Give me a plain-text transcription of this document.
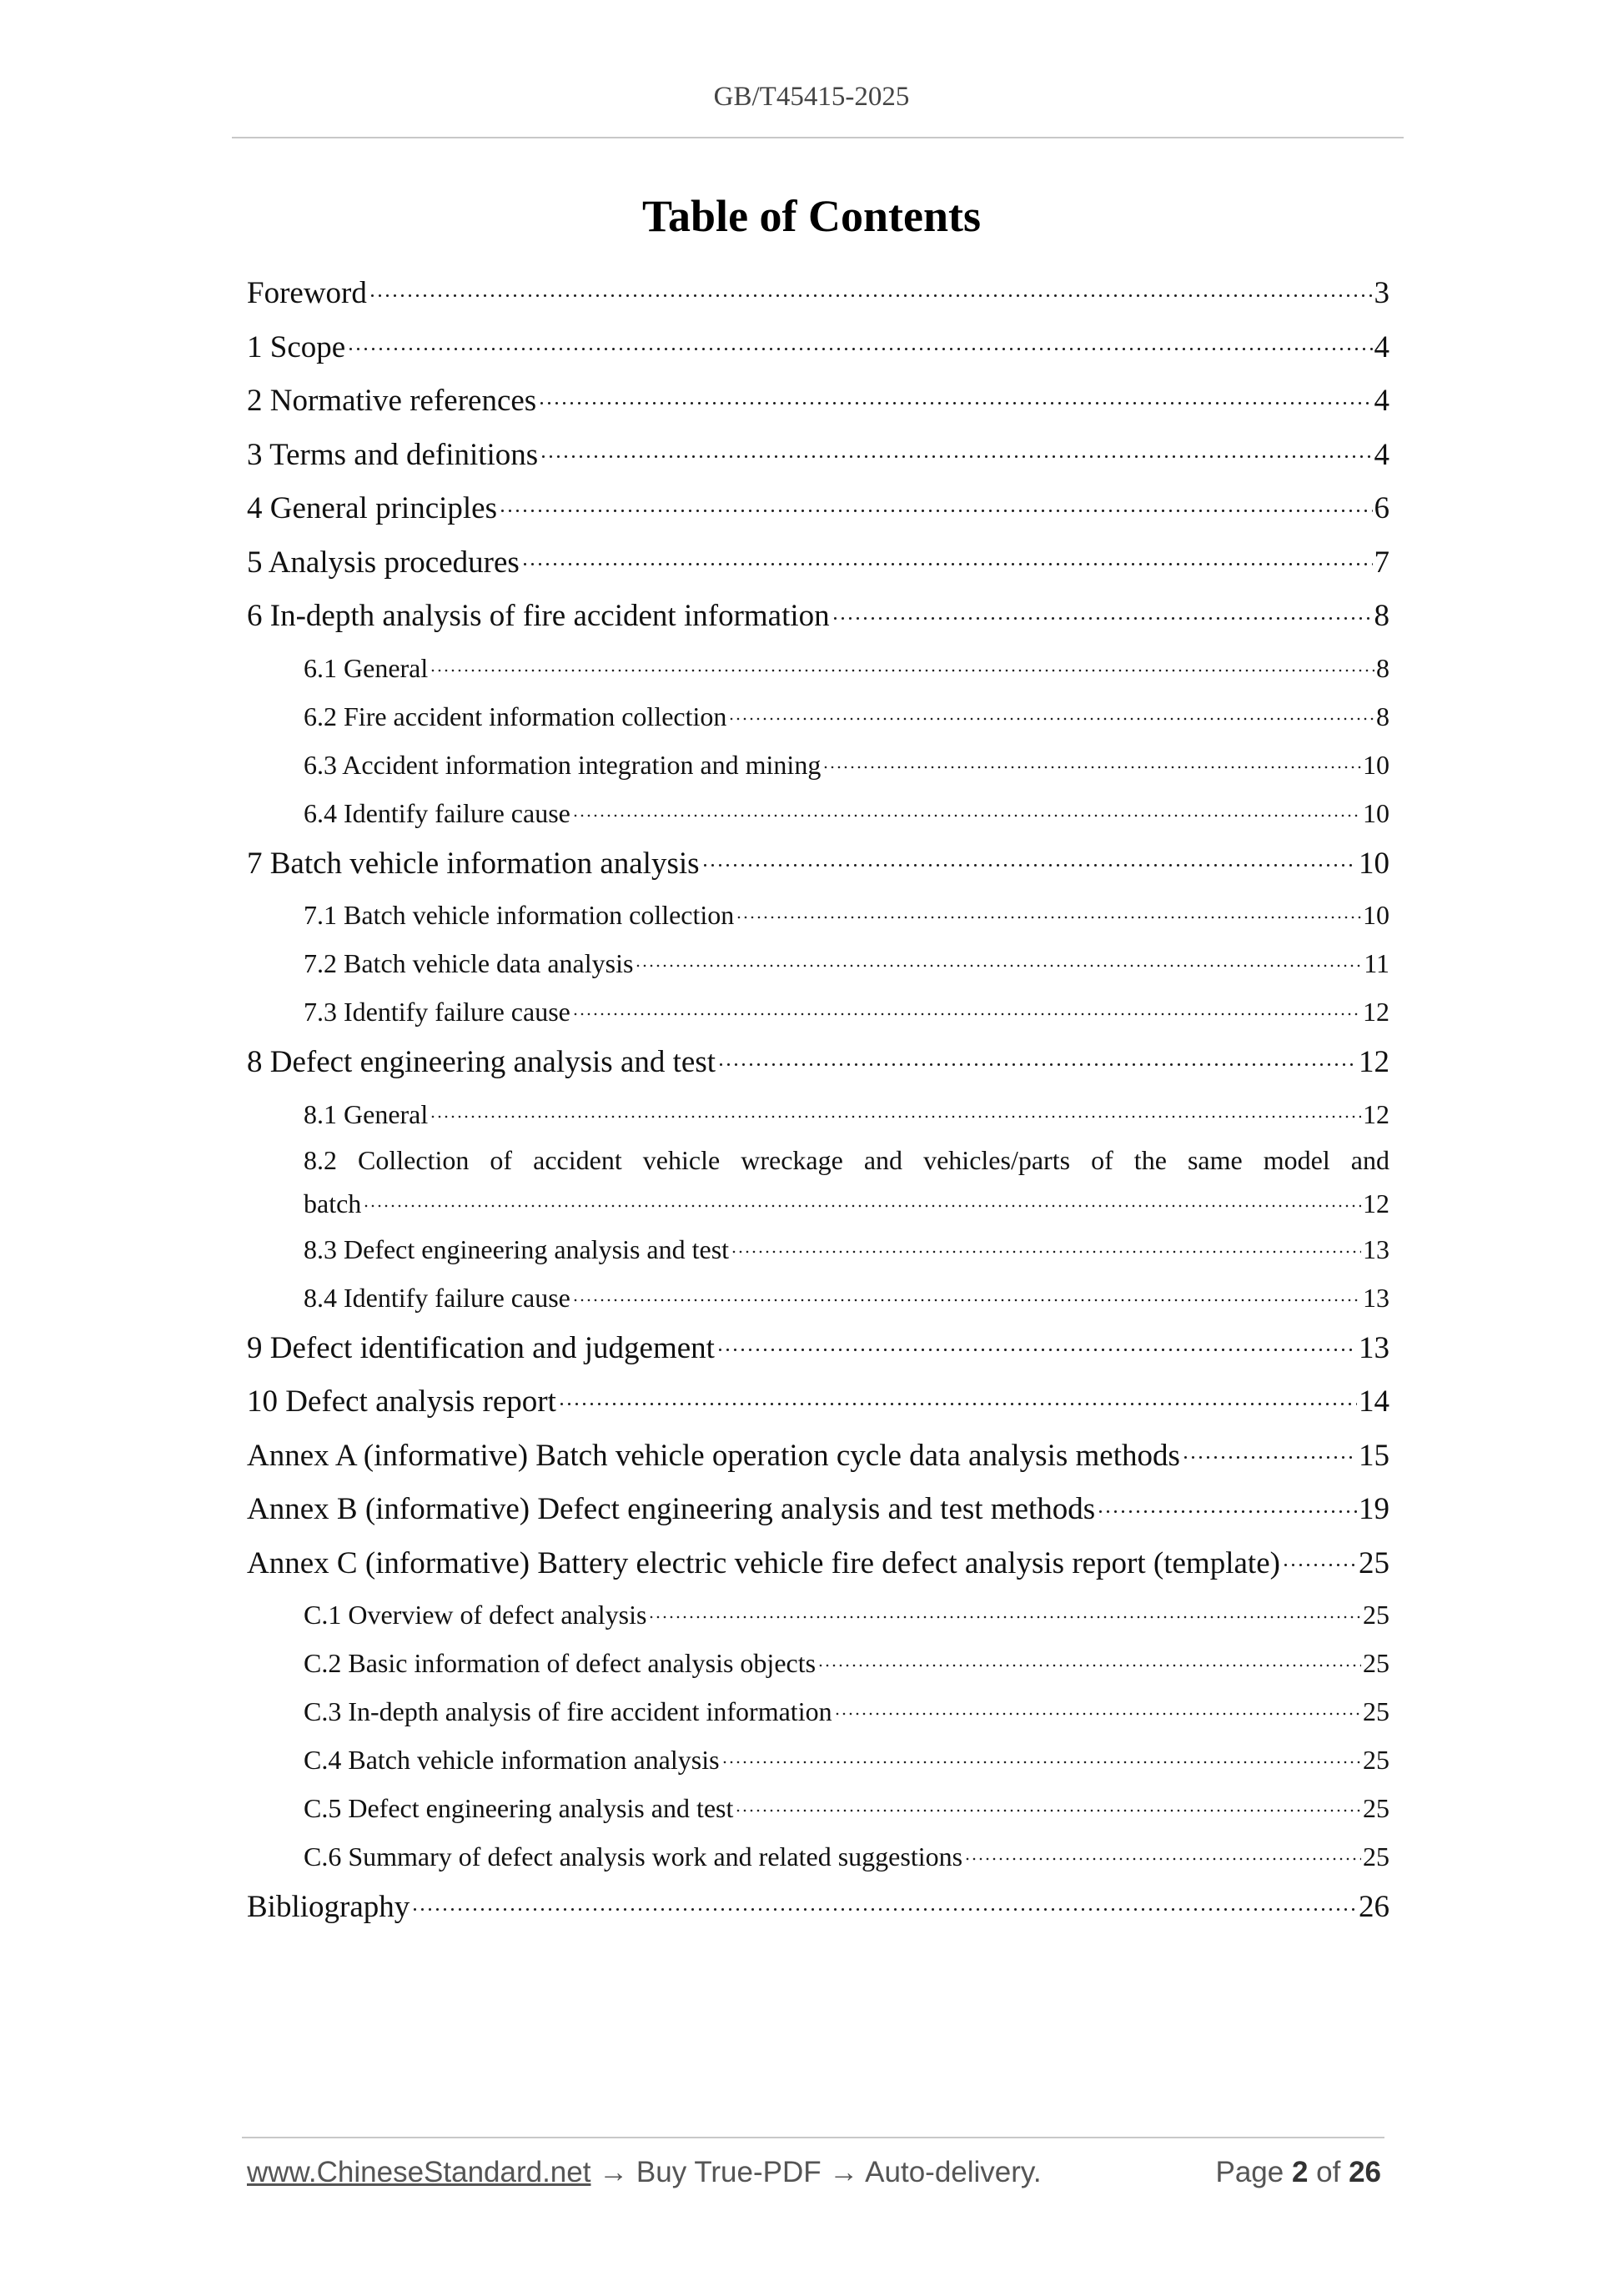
GB/T45415-2025
Table of Contents
Foreword	3
1 Scope	4
2 Normative references	4
3 Terms and definitions	4
4 General principles	6
5 Analysis procedures	7
6 In-depth analysis of fire accident information	8
6.1 General	8
6.2 Fire accident information collection	8
6.3 Accident information integration and mining	10
6.4 Identify failure cause	10
7 Batch vehicle information analysis	10
7.1 Batch vehicle information collection	10
7.2 Batch vehicle data analysis	11
7.3 Identify failure cause	12
8 Defect engineering analysis and test	12
8.1 General	12
8.2 Collection of accident vehicle wreckage and vehicles/parts of the same model and
batch	12
8.3 Defect engineering analysis and test	13
8.4 Identify failure cause	13
9 Defect identification and judgement	13
10 Defect analysis report	14
Annex A (informative) Batch vehicle operation cycle data analysis methods	15
Annex B (informative) Defect engineering analysis and test methods	19
Annex C (informative) Battery electric vehicle fire defect analysis report (template)	25
C.1 Overview of defect analysis	25
C.2 Basic information of defect analysis objects	25
C.3 In-depth analysis of fire accident information	25
C.4 Batch vehicle information analysis	25
C.5 Defect engineering analysis and test	25
C.6 Summary of defect analysis work and related suggestions	25
Bibliography	26
www.ChineseStandard.net → Buy True-PDF → Auto-delivery.	Page 2 of 26
